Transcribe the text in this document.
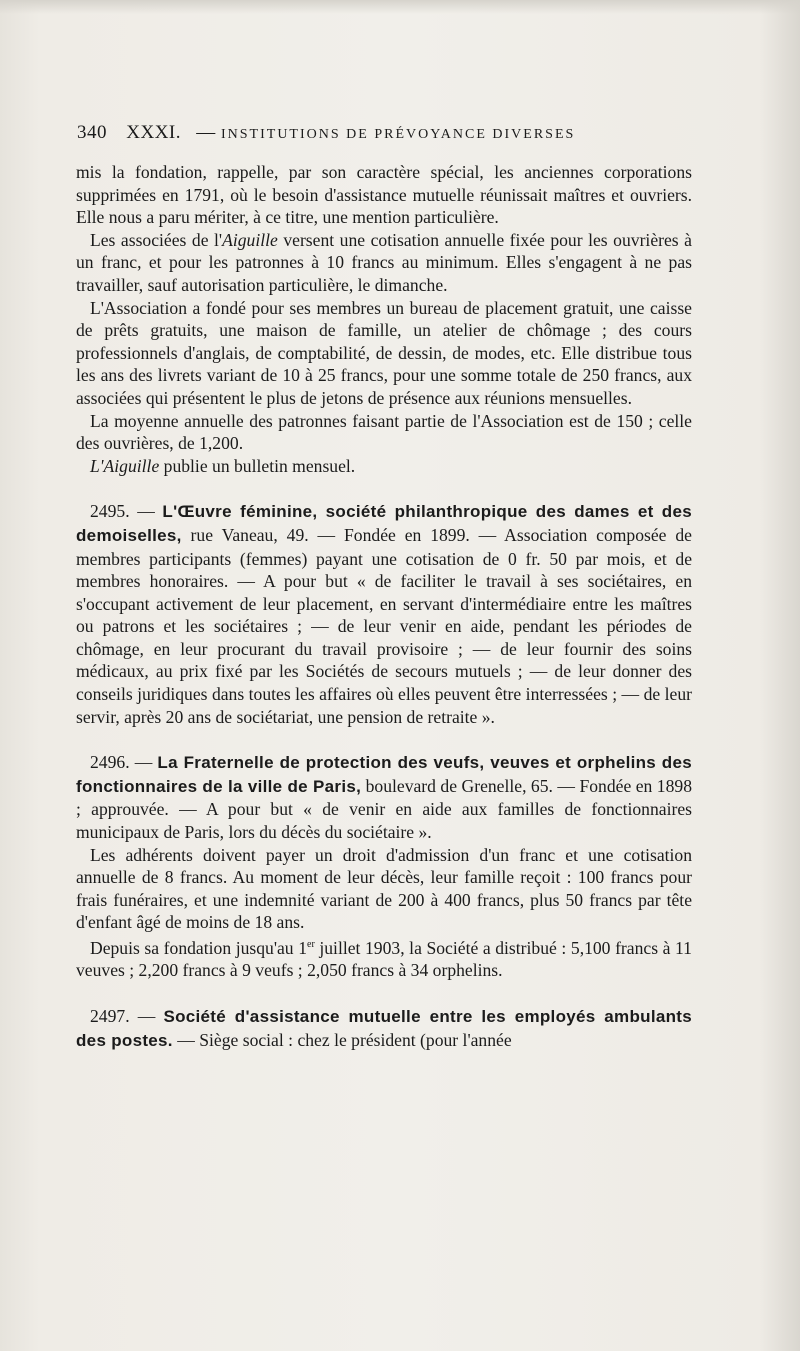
340 XXXI. — INSTITUTIONS DE PRÉVOYANCE DIVERSES

mis la fondation, rappelle, par son caractère spécial, les anciennes corporations supprimées en 1791, où le besoin d'assistance mutuelle réunissait maîtres et ouvriers. Elle nous a paru mériter, à ce titre, une mention particulière.

Les associées de l'Aiguille versent une cotisation annuelle fixée pour les ouvrières à un franc, et pour les patronnes à 10 francs au minimum. Elles s'engagent à ne pas travailler, sauf autorisation particulière, le dimanche.

L'Association a fondé pour ses membres un bureau de placement gratuit, une caisse de prêts gratuits, une maison de famille, un atelier de chômage ; des cours professionnels d'anglais, de comptabilité, de dessin, de modes, etc. Elle distribue tous les ans des livrets variant de 10 à 25 francs, pour une somme totale de 250 francs, aux associées qui présentent le plus de jetons de présence aux réunions mensuelles.

La moyenne annuelle des patronnes faisant partie de l'Association est de 150 ; celle des ouvrières, de 1,200.

L'Aiguille publie un bulletin mensuel.

2495. — L'Œuvre féminine, société philanthropique des dames et des demoiselles, rue Vaneau, 49. — Fondée en 1899. — Association composée de membres participants (femmes) payant une cotisation de 0 fr. 50 par mois, et de membres honoraires. — A pour but « de faciliter le travail à ses sociétaires, en s'occupant activement de leur placement, en servant d'intermédiaire entre les maîtres ou patrons et les sociétaires ; — de leur venir en aide, pendant les périodes de chômage, en leur procurant du travail provisoire ; — de leur fournir des soins médicaux, au prix fixé par les Sociétés de secours mutuels ; — de leur donner des conseils juridiques dans toutes les affaires où elles peuvent être interressées ; — de leur servir, après 20 ans de sociétariat, une pension de retraite ».

2496. — La Fraternelle de protection des veufs, veuves et orphelins des fonctionnaires de la ville de Paris, boulevard de Grenelle, 65. — Fondée en 1898 ; approuvée. — A pour but « de venir en aide aux familles de fonctionnaires municipaux de Paris, lors du décès du sociétaire ».

Les adhérents doivent payer un droit d'admission d'un franc et une cotisation annuelle de 8 francs. Au moment de leur décès, leur famille reçoit : 100 francs pour frais funéraires, et une indemnité variant de 200 à 400 francs, plus 50 francs par tête d'enfant âgé de moins de 18 ans.

Depuis sa fondation jusqu'au 1er juillet 1903, la Société a distribué : 5,100 francs à 11 veuves ; 2,200 francs à 9 veufs ; 2,050 francs à 34 orphelins.

2497. — Société d'assistance mutuelle entre les employés ambulants des postes. — Siège social : chez le président (pour l'année
